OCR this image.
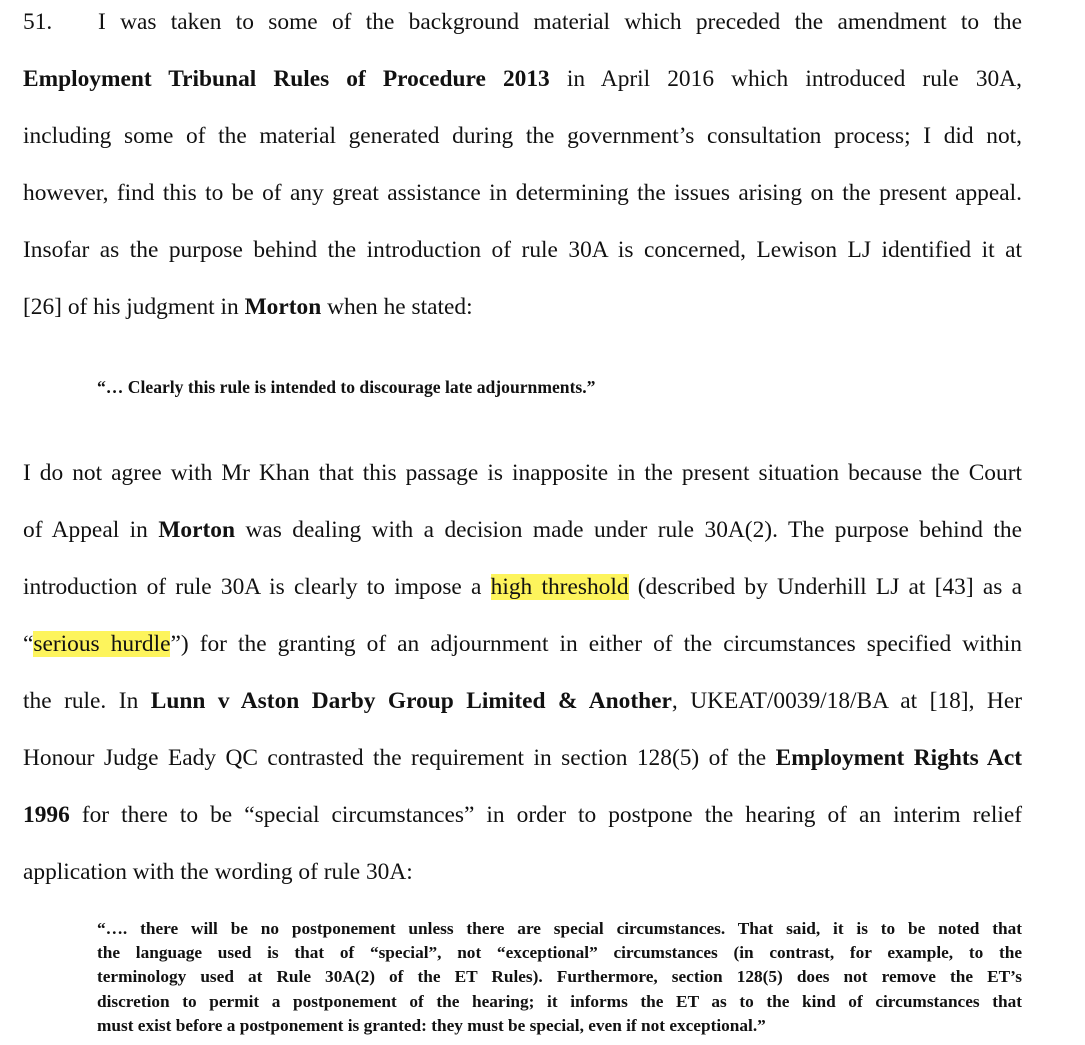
51. I was taken to some of the background material which preceded the amendment to the

Employment Tribunal Rules of Procedure 2013 in April 2016 which introduced rule 30A,

including some of the material generated during the government’s consultation process; I did not,

however, find this to be of any great assistance in determining the issues arising on the present appeal.

Insofar as the purpose behind the introduction of rule 30A is concerned, Lewison LJ identified it at

[26] of his judgment in Morton when he stated:

“… Clearly this rule is intended to discourage late adjournments.”

I do not agree with Mr Khan that this passage is inapposite in the present situation because the Court

of Appeal in Morton was dealing with a decision made under rule 30A(2). The purpose behind the

introduction of rule 30A is clearly to impose a high threshold (described by Underhill LJ at [43] as a

“serious hurdle”) for the granting of an adjournment in either of the circumstances specified within

the rule. In Lunn v Aston Darby Group Limited & Another, UKEAT/0039/18/BA at [18], Her

Honour Judge Eady QC contrasted the requirement in section 128(5) of the Employment Rights Act

1996 for there to be “special circumstances” in order to postpone the hearing of an interim relief

application with the wording of rule 30A:

“…. there will be no postponement unless there are special circumstances. That said, it is to be noted that
the language used is that of “special”, not “exceptional” circumstances (in contrast, for example, to the
terminology used at Rule 30A(2) of the ET Rules). Furthermore, section 128(5) does not remove the ET’s
discretion to permit a postponement of the hearing; it informs the ET as to the kind of circumstances that
must exist before a postponement is granted: they must be special, even if not exceptional.”
